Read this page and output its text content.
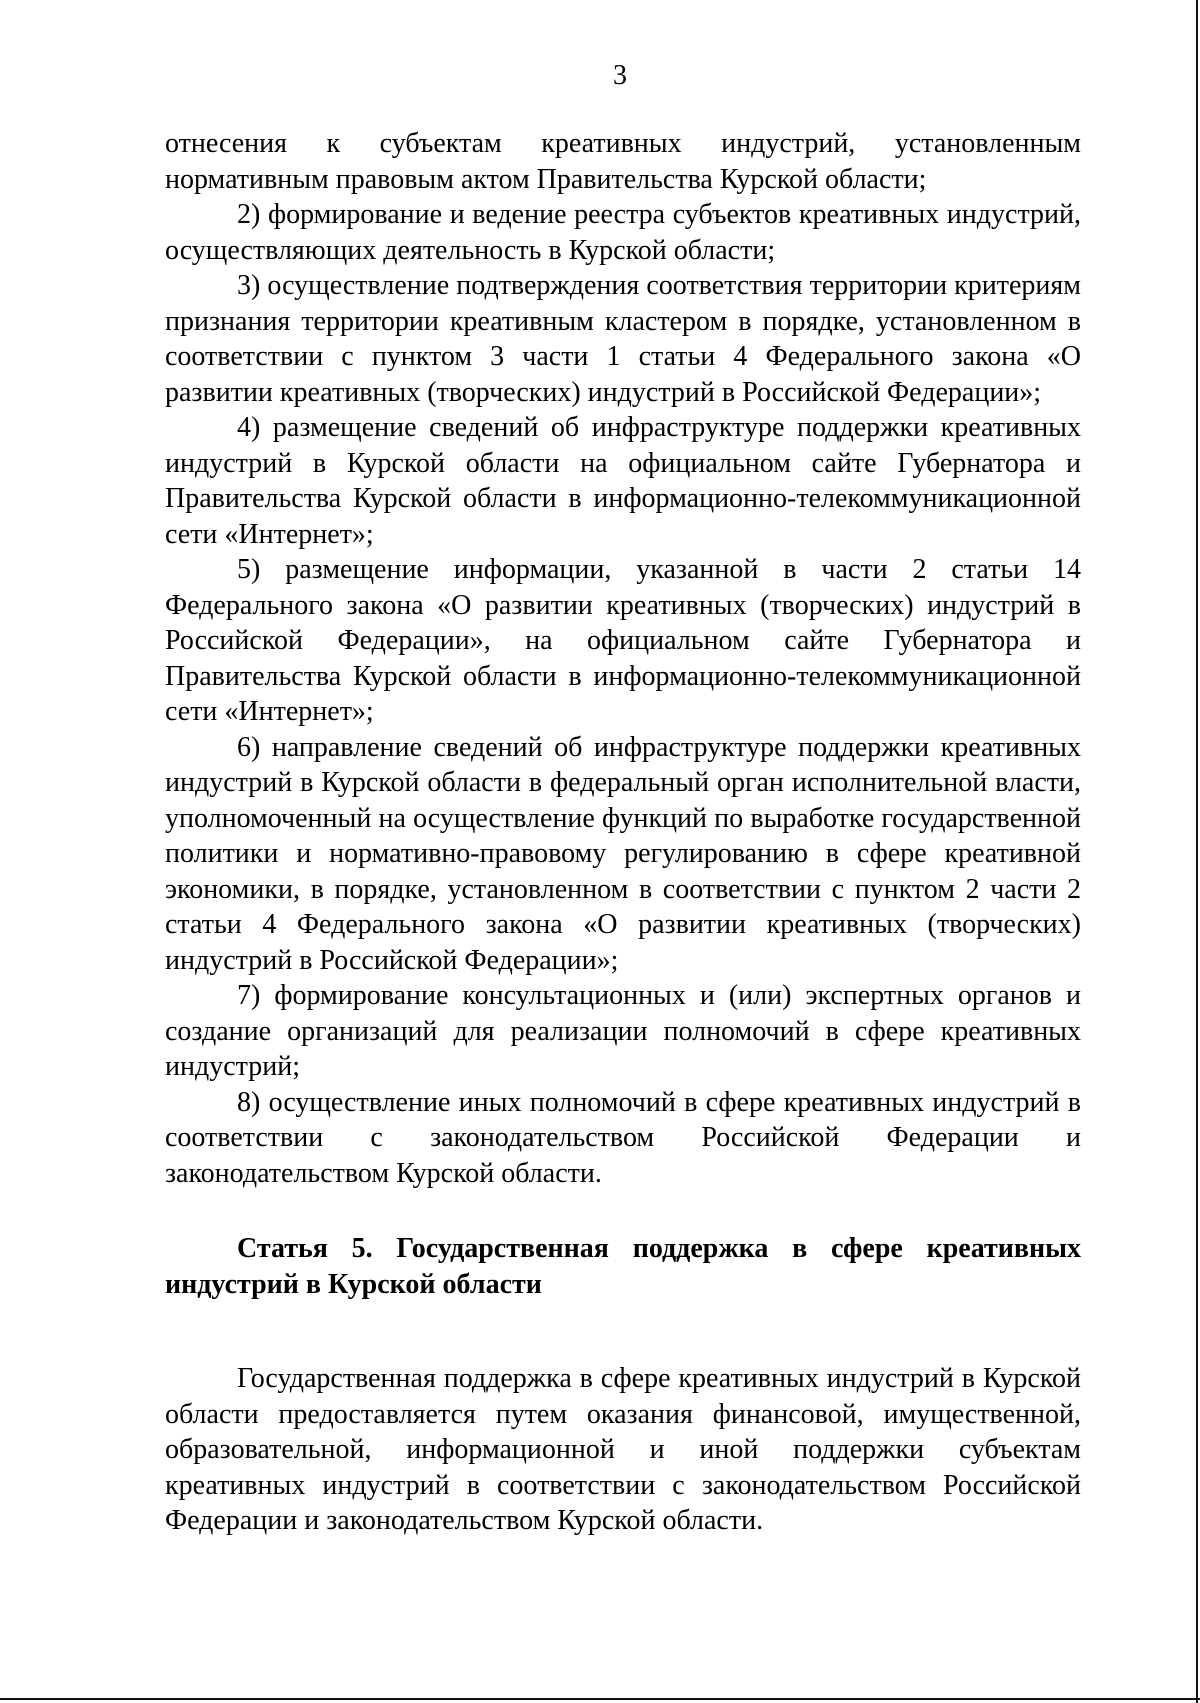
3

отнесения к субъектам креативных индустрий, установленным нормативным правовым актом Правительства Курской области;

2) формирование и ведение реестра субъектов креативных индустрий, осуществляющих деятельность в Курской области;

3) осуществление подтверждения соответствия территории критериям признания территории креативным кластером в порядке, установленном в соответствии с пунктом 3 части 1 статьи 4 Федерального закона «О развитии креативных (творческих) индустрий в Российской Федерации»;

4) размещение сведений об инфраструктуре поддержки креативных индустрий в Курской области на официальном сайте Губернатора и Правительства Курской области в информационно-телекоммуникационной сети «Интернет»;

5) размещение информации, указанной в части 2 статьи 14 Федерального закона «О развитии креативных (творческих) индустрий в Российской Федерации», на официальном сайте Губернатора и Правительства Курской области в информационно-телекоммуникационной сети «Интернет»;

6) направление сведений об инфраструктуре поддержки креативных индустрий в Курской области в федеральный орган исполнительной власти, уполномоченный на осуществление функций по выработке государственной политики и нормативно-правовому регулированию в сфере креативной экономики, в порядке, установленном в соответствии с пунктом 2 части 2 статьи 4 Федерального закона «О развитии креативных (творческих) индустрий в Российской Федерации»;

7) формирование консультационных и (или) экспертных органов и создание организаций для реализации полномочий в сфере креативных индустрий;

8) осуществление иных полномочий в сфере креативных индустрий в соответствии с законодательством Российской Федерации и законодательством Курской области.

Статья 5. Государственная поддержка в сфере креативных индустрий в Курской области

Государственная поддержка в сфере креативных индустрий в Курской области предоставляется путем оказания финансовой, имущественной, образовательной, информационной и иной поддержки субъектам креативных индустрий в соответствии с законодательством Российской Федерации и законодательством Курской области.
